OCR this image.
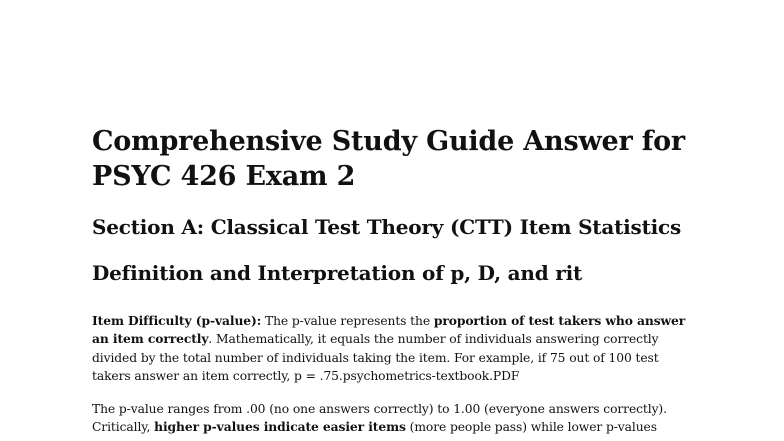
Comprehensive Study Guide Answer for PSYC 426 Exam 2
Section A: Classical Test Theory (CTT) Item Statistics
Definition and Interpretation of p, D, and rit

Item Difficulty (p-value): The p-value represents the proportion of test takers who answer an item correctly. Mathematically, it equals the number of individuals answering correctly divided by the total number of individuals taking the item. For example, if 75 out of 100 test takers answer an item correctly, p = .75.psychometrics-textbook.PDF

The p-value ranges from .00 (no one answers correctly) to 1.00 (everyone answers correctly). Critically, higher p-values indicate easier items (more people pass) while lower p-values
